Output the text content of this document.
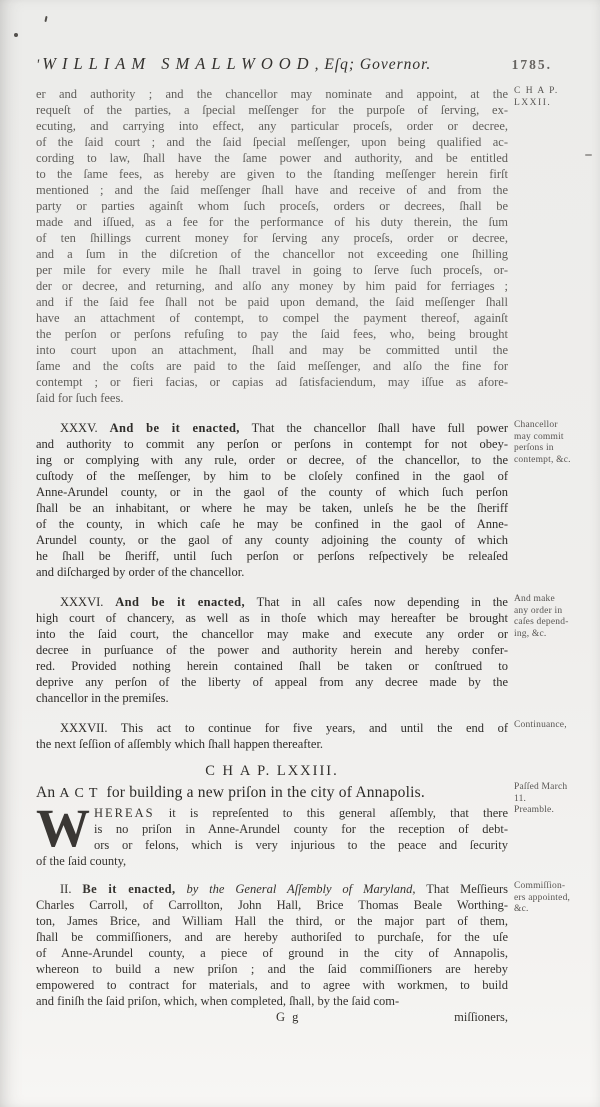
' WILLIAM SMALLWOOD , Eſq; Governor.	1785.
er and authority ; and the chancellor may nominate and appoint, at the
requeſt of the parties, a ſpecial meſſenger for the purpoſe of ſerving, ex-
ecuting, and carrying into effect, any particular proceſs, order or decree,
of the ſaid court ; and the ſaid ſpecial meſſenger, upon being qualified ac-
cording to law, ſhall have the ſame power and authority, and be entitled
to the ſame fees, as hereby are given to the ſtanding meſſenger herein firſt
mentioned ; and the ſaid meſſenger ſhall have and receive of and from the
party or parties againſt whom ſuch proceſs, orders or decrees, ſhall be
made and iſſued, as a fee for the performance of his duty therein, the ſum
of ten ſhillings current money for ſerving any proceſs, order or decree,
and a ſum in the diſcretion of the chancellor not exceeding one ſhilling
per mile for every mile he ſhall travel in going to ſerve ſuch proceſs, or-
der or decree, and returning, and alſo any money by him paid for ferriages ;
and if the ſaid fee ſhall not be paid upon demand, the ſaid meſſenger ſhall
have an attachment of contempt, to compel the payment thereof, againſt
the perſon or perſons refuſing to pay the ſaid fees, who, being brought
into court upon an attachment, ſhall and may be committed until the
ſame and the coſts are paid to the ſaid meſſenger, and alſo the fine for
contempt ; or fieri facias, or capias ad ſatisfaciendum, may iſſue as afore-
ſaid for ſuch fees.
C H A P.
LXXII.
XXXV. And be it enacted, That the chancellor ſhall have full power
and authority to commit any perſon or perſons in contempt for not obey-
ing or complying with any rule, order or decree, of the chancellor, to the
cuſtody of the meſſenger, by him to be cloſely confined in the gaol of
Anne-Arundel county, or in the gaol of the county of which ſuch perſon
ſhall be an inhabitant, or where he may be taken, unleſs he be the ſheriff
of the county, in which caſe he may be confined in the gaol of Anne-
Arundel county, or the gaol of any county adjoining the county of which
he ſhall be ſheriff, until ſuch perſon or perſons reſpectively be releaſed
and diſcharged by order of the chancellor.
Chancellor
may commit
perſons in
contempt, &c.
XXXVI. And be it enacted, That in all caſes now depending in the
high court of chancery, as well as in thoſe which may hereafter be brought
into the ſaid court, the chancellor may make and execute any order or
decree in purſuance of the power and authority herein and hereby confer-
red. Provided nothing herein contained ſhall be taken or conſtrued to
deprive any perſon of the liberty of appeal from any decree made by the
chancellor in the premiſes.
And make
any order in
caſes depend-
ing, &c.
XXXVII. This act to continue for five years, and until the end of
the next ſeſſion of aſſembly which ſhall happen thereafter.
Continuance,
C H A P. LXXIII.
An ACT for building a new priſon in the city of Annapolis.	Paſſed March
11.
W HEREAS it is repreſented to this general aſſembly, that there
is no priſon in Anne-Arundel county for the reception of debt-
ors or felons, which is very injurious to the peace and ſecurity
of the ſaid county,
Preamble.
II. Be it enacted, by the General Aſſembly of Maryland, That Meſſieurs
Charles Carroll, of Carrollton, John Hall, Brice Thomas Beale Worthing-
ton, James Brice, and William Hall the third, or the major part of them,
ſhall be commiſſioners, and are hereby authoriſed to purchaſe, for the uſe
of Anne-Arundel county, a piece of ground in the city of Annapolis,
whereon to build a new priſon ; and the ſaid commiſſioners are hereby
empowered to contract for materials, and to agree with workmen, to build
and finiſh the ſaid priſon, which, when completed, ſhall, by the ſaid com-
Commiſſion-
ers appointed,
&c.
G g	miſſioners,
